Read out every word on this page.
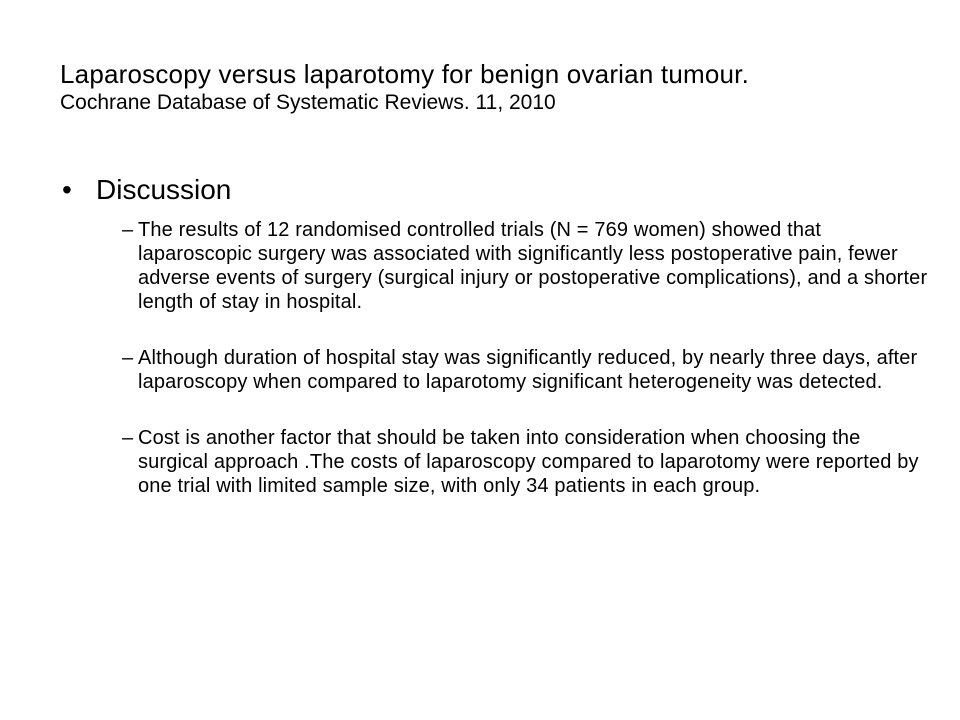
Laparoscopy versus laparotomy for benign ovarian tumour.

Cochrane Database of Systematic Reviews. 11, 2010

• Discussion
– The results of 12 randomised controlled trials (N = 769 women) showed that laparoscopic surgery was associated with significantly less postoperative pain, fewer adverse events of surgery (surgical injury or postoperative complications), and a shorter length of stay in hospital.
– Although duration of hospital stay was significantly reduced, by nearly three days, after laparoscopy when compared to laparotomy significant heterogeneity was detected.
– Cost is another factor that should be taken into consideration when choosing the surgical approach .The costs of laparoscopy compared to laparotomy were reported by one trial with limited sample size, with only 34 patients in each group.
